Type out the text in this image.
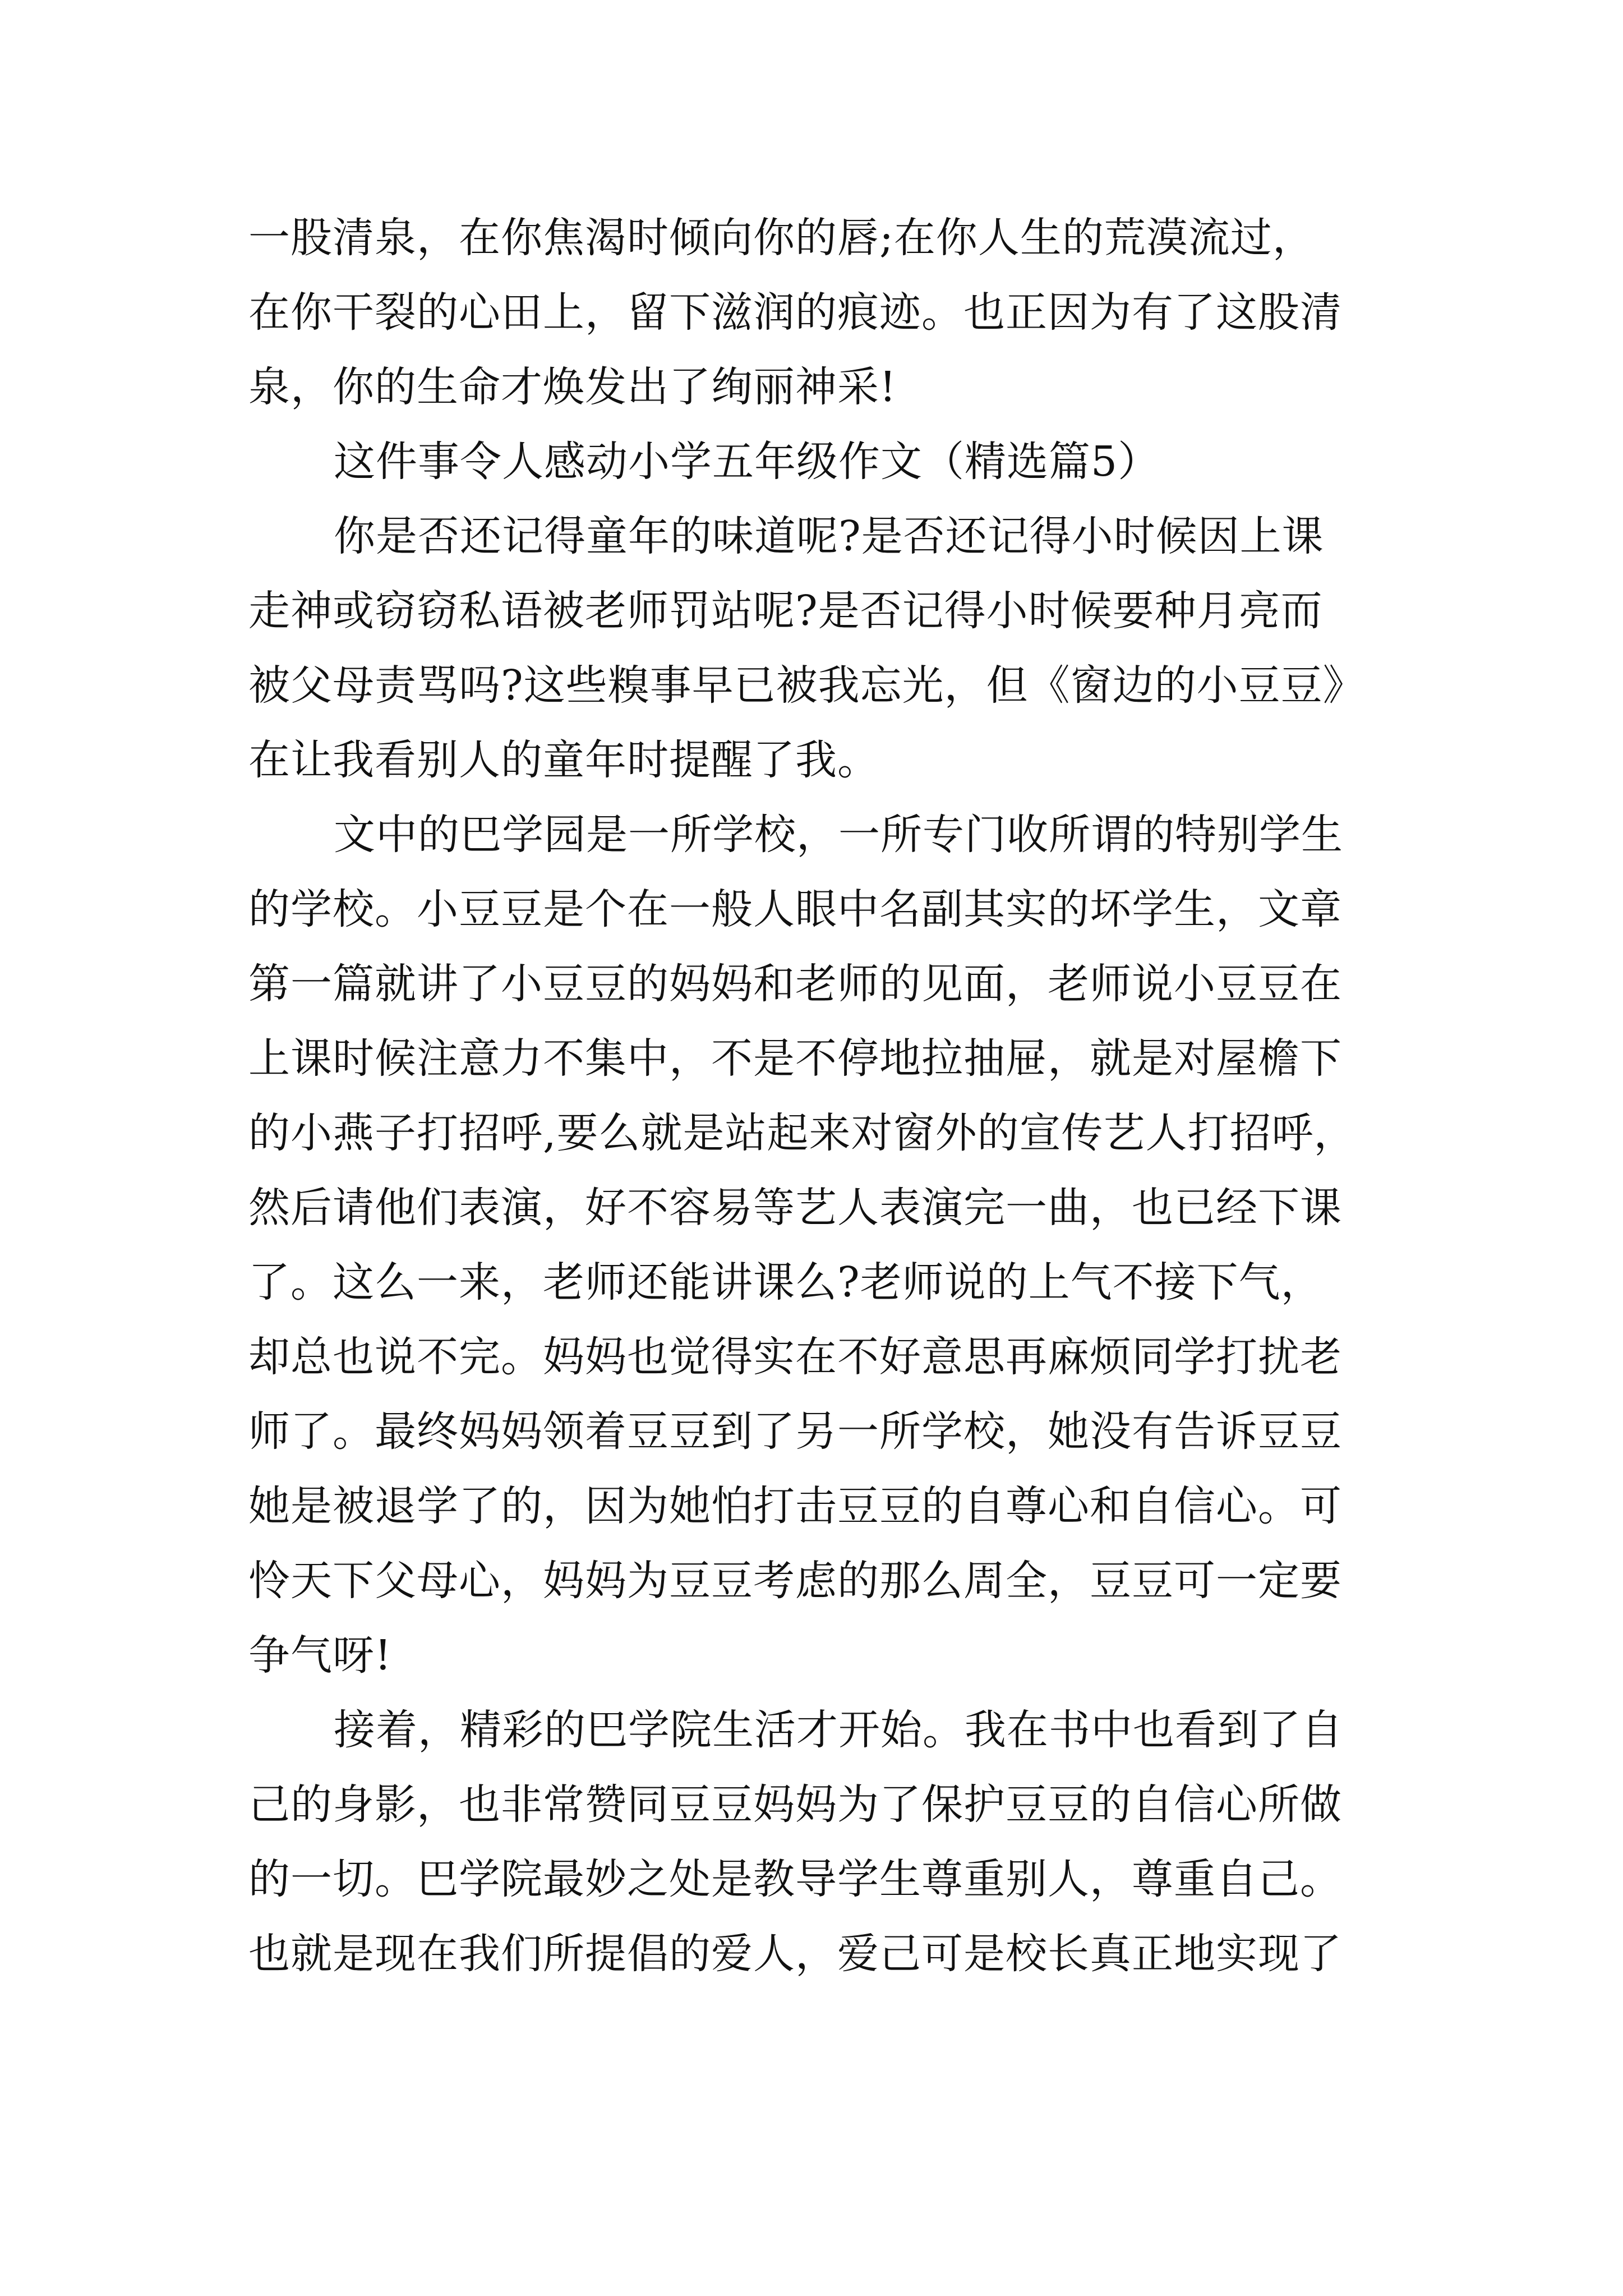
一股清泉，在你焦渴时倾向你的唇;在你人生的荒漠流过，
在你干裂的心田上，留下滋润的痕迹。也正因为有了这股清
泉，你的生命才焕发出了绚丽神采!
这件事令人感动小学五年级作文（精选篇5）
你是否还记得童年的味道呢?是否还记得小时候因上课
走神或窃窃私语被老师罚站呢?是否记得小时候要种月亮而
被父母责骂吗?这些糗事早已被我忘光，但《窗边的小豆豆》
在让我看别人的童年时提醒了我。
文中的巴学园是一所学校，一所专门收所谓的特别学生
的学校。小豆豆是个在一般人眼中名副其实的坏学生，文章
第一篇就讲了小豆豆的妈妈和老师的见面，老师说小豆豆在
上课时候注意力不集中，不是不停地拉抽屉，就是对屋檐下
的小燕子打招呼,要么就是站起来对窗外的宣传艺人打招呼，
然后请他们表演，好不容易等艺人表演完一曲，也已经下课
了。这么一来，老师还能讲课么?老师说的上气不接下气，
却总也说不完。妈妈也觉得实在不好意思再麻烦同学打扰老
师了。最终妈妈领着豆豆到了另一所学校，她没有告诉豆豆
她是被退学了的，因为她怕打击豆豆的自尊心和自信心。可
怜天下父母心，妈妈为豆豆考虑的那么周全，豆豆可一定要
争气呀!
接着，精彩的巴学院生活才开始。我在书中也看到了自
己的身影，也非常赞同豆豆妈妈为了保护豆豆的自信心所做
的一切。巴学院最妙之处是教导学生尊重别人，尊重自己。
也就是现在我们所提倡的爱人，爱己可是校长真正地实现了
